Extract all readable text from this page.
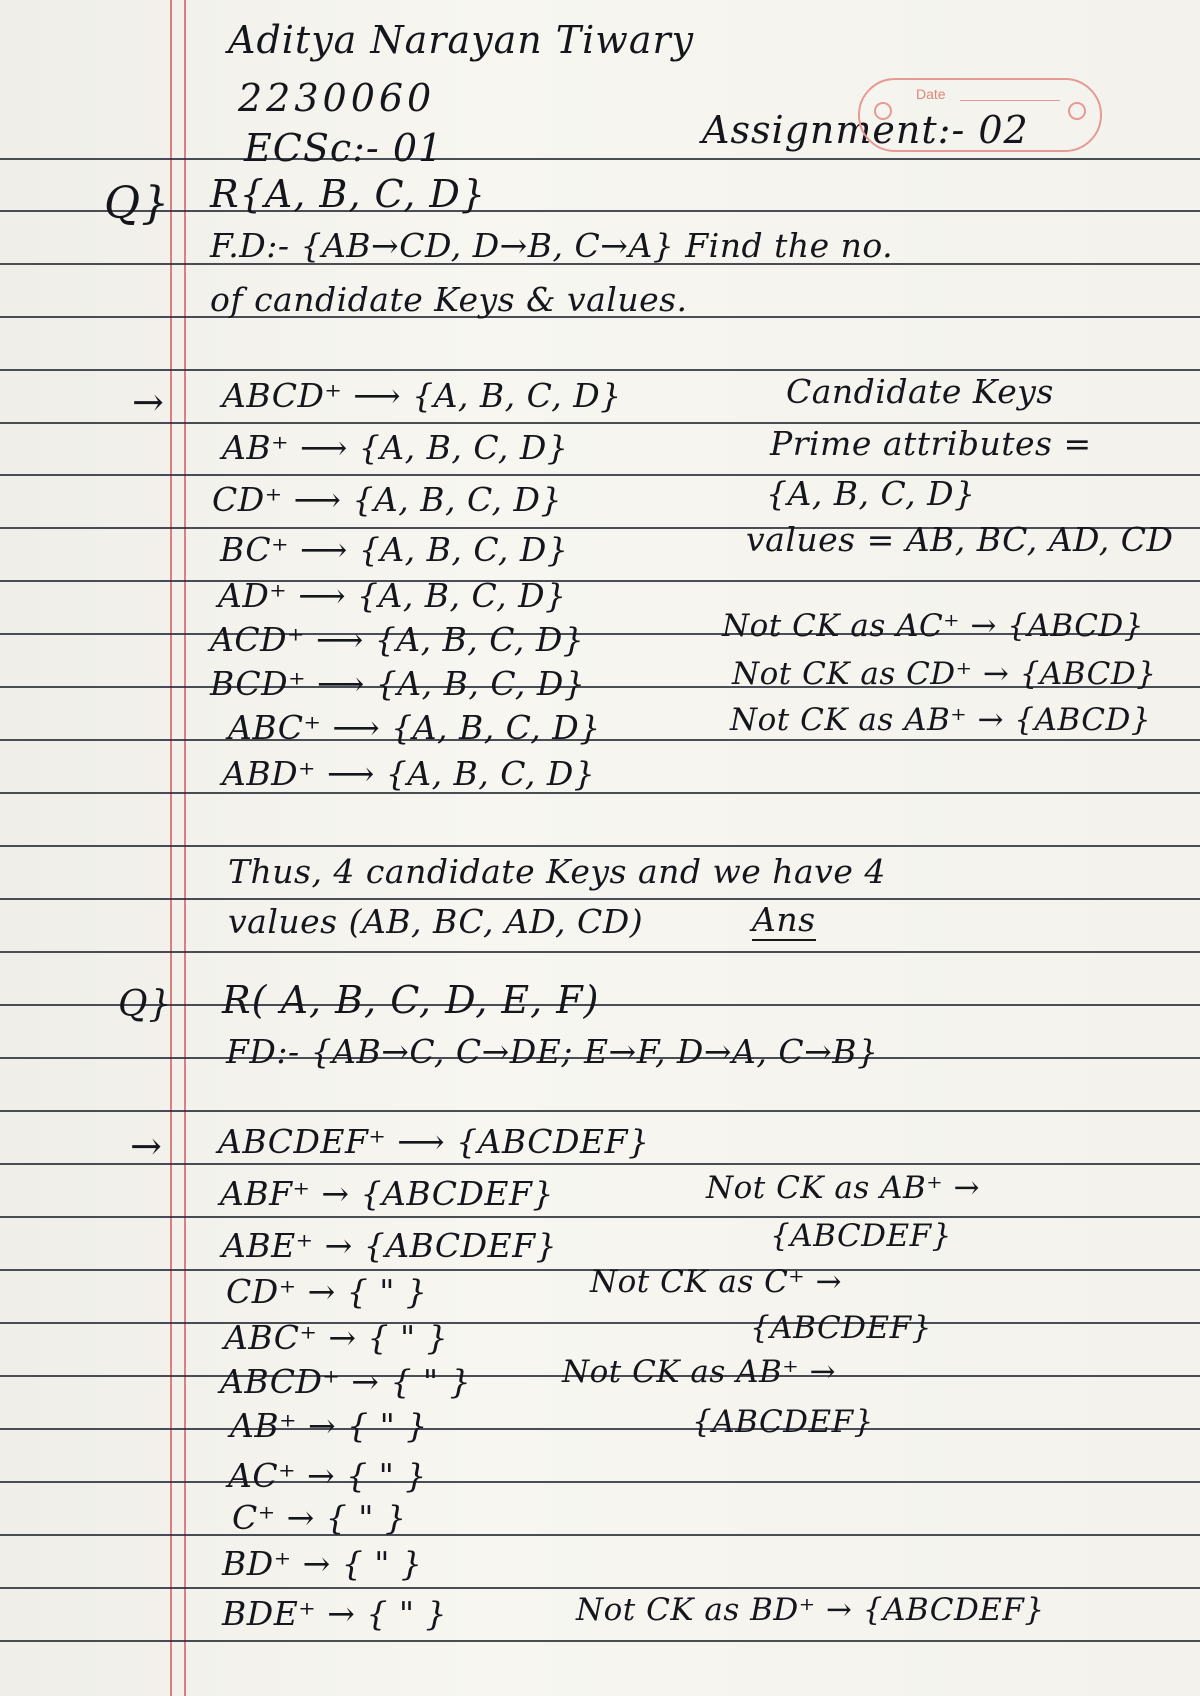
Aditya Narayan Tiwary
2230060
ECSc:- 01	Assignment:- 02
Date
Q} R{A, B, C, D}
F.D:- {AB→CD, D→B, C→A} Find the no.
of candidate Keys & values.
→ ABCD⁺ ⟶ {A, B, C, D}
AB⁺ ⟶ {A, B, C, D}
CD⁺ ⟶ {A, B, C, D}
BC⁺ ⟶ {A, B, C, D}
AD⁺ ⟶ {A, B, C, D}
ACD⁺ ⟶ {A, B, C, D}
BCD⁺ ⟶ {A, B, C, D}
ABC⁺ ⟶ {A, B, C, D}
ABD⁺ ⟶ {A, B, C, D}
Candidate Keys
Prime attributes =
{A, B, C, D}
values = AB, BC, AD, CD
Not CK as AC⁺ → {ABCD}
Not CK as CD⁺ → {ABCD}
Not CK as AB⁺ → {ABCD}
Thus, 4 candidate Keys and we have 4
values (AB, BC, AD, CD)	Ans
Q} R( A, B, C, D, E, F)
FD:- {AB→C, C→DE; E→F, D→A, C→B}
→ ABCDEF⁺ ⟶ {ABCDEF}
ABF⁺ → {ABCDEF}
ABE⁺ → {ABCDEF}
CD⁺ → { " }
ABC⁺ → { " }
ABCD⁺ → { " }
AB⁺ → { " }
AC⁺ → { " }
C⁺ → { " }
BD⁺ → { " }
BDE⁺ → { " }
Not CK as AB⁺ →
{ABCDEF}
Not CK as C⁺ →
{ABCDEF}
Not CK as AB⁺ →
{ABCDEF}
Not CK as BD⁺ → {ABCDEF}
